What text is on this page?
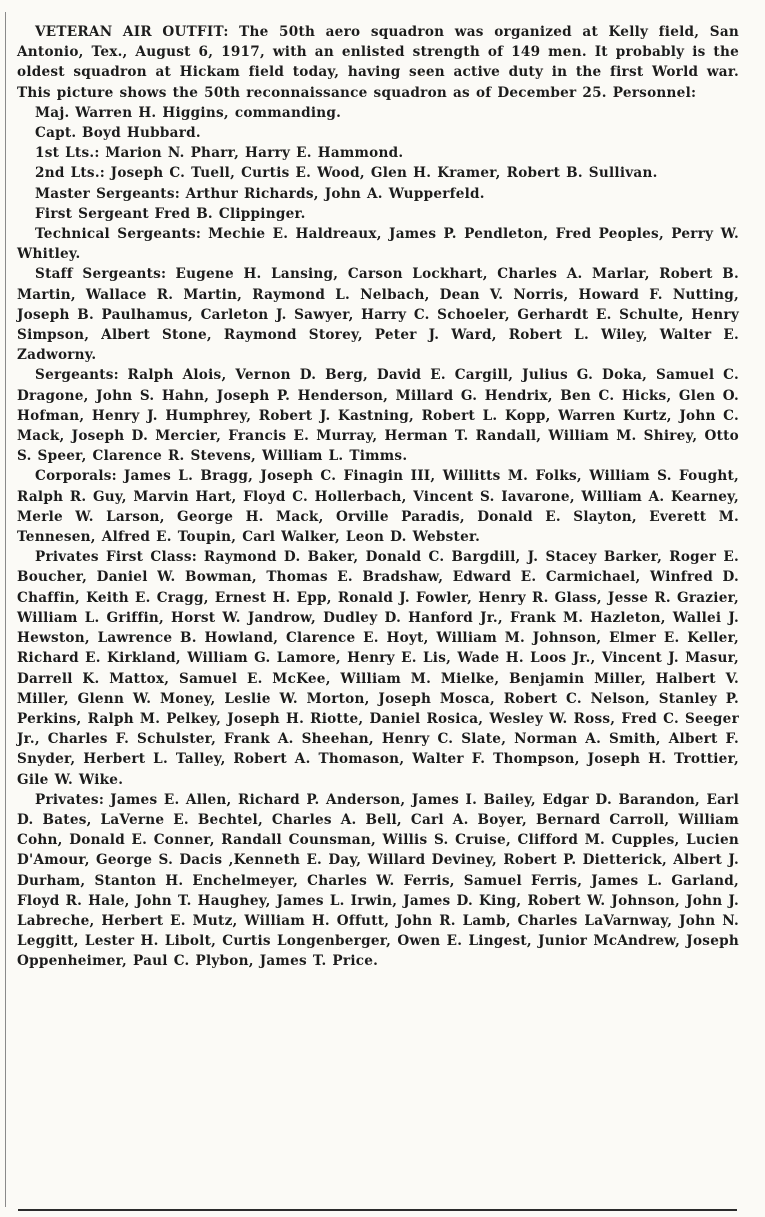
VETERAN AIR OUTFIT: The 50th aero squadron was organized at Kelly field, San Antonio, Tex., August 6, 1917, with an enlisted strength of 149 men. It probably is the oldest squadron at Hickam field today, having seen active duty in the first World war. This picture shows the 50th reconnaissance squadron as of December 25. Personnel:

Maj. Warren H. Higgins, commanding.

Capt. Boyd Hubbard.

1st Lts.: Marion N. Pharr, Harry E. Hammond.

2nd Lts.: Joseph C. Tuell, Curtis E. Wood, Glen H. Kramer, Robert B. Sullivan.

Master Sergeants: Arthur Richards, John A. Wupperfeld.

First Sergeant Fred B. Clippinger.

Technical Sergeants: Mechie E. Haldreaux, James P. Pendleton, Fred Peoples, Perry W. Whitley.

Staff Sergeants: Eugene H. Lansing, Carson Lockhart, Charles A. Marlar, Robert B. Martin, Wallace R. Martin, Raymond L. Nelbach, Dean V. Norris, Howard F. Nutting, Joseph B. Paulhamus, Carleton J. Sawyer, Harry C. Schoeler, Gerhardt E. Schulte, Henry Simpson, Albert Stone, Raymond Storey, Peter J. Ward, Robert L. Wiley, Walter E. Zadworny.

Sergeants: Ralph Alois, Vernon D. Berg, David E. Cargill, Julius G. Doka, Samuel C. Dragone, John S. Hahn, Joseph P. Henderson, Millard G. Hendrix, Ben C. Hicks, Glen O. Hofman, Henry J. Humphrey, Robert J. Kastning, Robert L. Kopp, Warren Kurtz, John C. Mack, Joseph D. Mercier, Francis E. Murray, Herman T. Randall, William M. Shirey, Otto S. Speer, Clarence R. Stevens, William L. Timms.

Corporals: James L. Bragg, Joseph C. Finagin III, Willitts M. Folks, William S. Fought, Ralph R. Guy, Marvin Hart, Floyd C. Hollerbach, Vincent S. Iavarone, William A. Kearney, Merle W. Larson, George H. Mack, Orville Paradis, Donald E. Slayton, Everett M. Tennesen, Alfred E. Toupin, Carl Walker, Leon D. Webster.

Privates First Class: Raymond D. Baker, Donald C. Bargdill, J. Stacey Barker, Roger E. Boucher, Daniel W. Bowman, Thomas E. Bradshaw, Edward E. Carmichael, Winfred D. Chaffin, Keith E. Cragg, Ernest H. Epp, Ronald J. Fowler, Henry R. Glass, Jesse R. Grazier, William L. Griffin, Horst W. Jandrow, Dudley D. Hanford Jr., Frank M. Hazleton, Wallei J. Hewston, Lawrence B. Howland, Clarence E. Hoyt, William M. Johnson, Elmer E. Keller, Richard E. Kirkland, William G. Lamore, Henry E. Lis, Wade H. Loos Jr., Vincent J. Masur, Darrell K. Mattox, Samuel E. McKee, William M. Mielke, Benjamin Miller, Halbert V. Miller, Glenn W. Money, Leslie W. Morton, Joseph Mosca, Robert C. Nelson, Stanley P. Perkins, Ralph M. Pelkey, Joseph H. Riotte, Daniel Rosica, Wesley W. Ross, Fred C. Seeger Jr., Charles F. Schulster, Frank A. Sheehan, Henry C. Slate, Norman A. Smith, Albert F. Snyder, Herbert L. Talley, Robert A. Thomason, Walter F. Thompson, Joseph H. Trottier, Gile W. Wike.

Privates: James E. Allen, Richard P. Anderson, James I. Bailey, Edgar D. Barandon, Earl D. Bates, LaVerne E. Bechtel, Charles A. Bell, Carl A. Boyer, Bernard Carroll, William Cohn, Donald E. Conner, Randall Counsman, Willis S. Cruise, Clifford M. Cupples, Lucien D'Amour, George S. Dacis ,Kenneth E. Day, Willard Deviney, Robert P. Dietterick, Albert J. Durham, Stanton H. Enchelmeyer, Charles W. Ferris, Samuel Ferris, James L. Garland, Floyd R. Hale, John T. Haughey, James L. Irwin, James D. King, Robert W. Johnson, John J. Labreche, Herbert E. Mutz, William H. Offutt, John R. Lamb, Charles LaVarnway, John N. Leggitt, Lester H. Libolt, Curtis Longenberger, Owen E. Lingest, Junior McAndrew, Joseph Oppenheimer, Paul C. Plybon, James T. Price.
